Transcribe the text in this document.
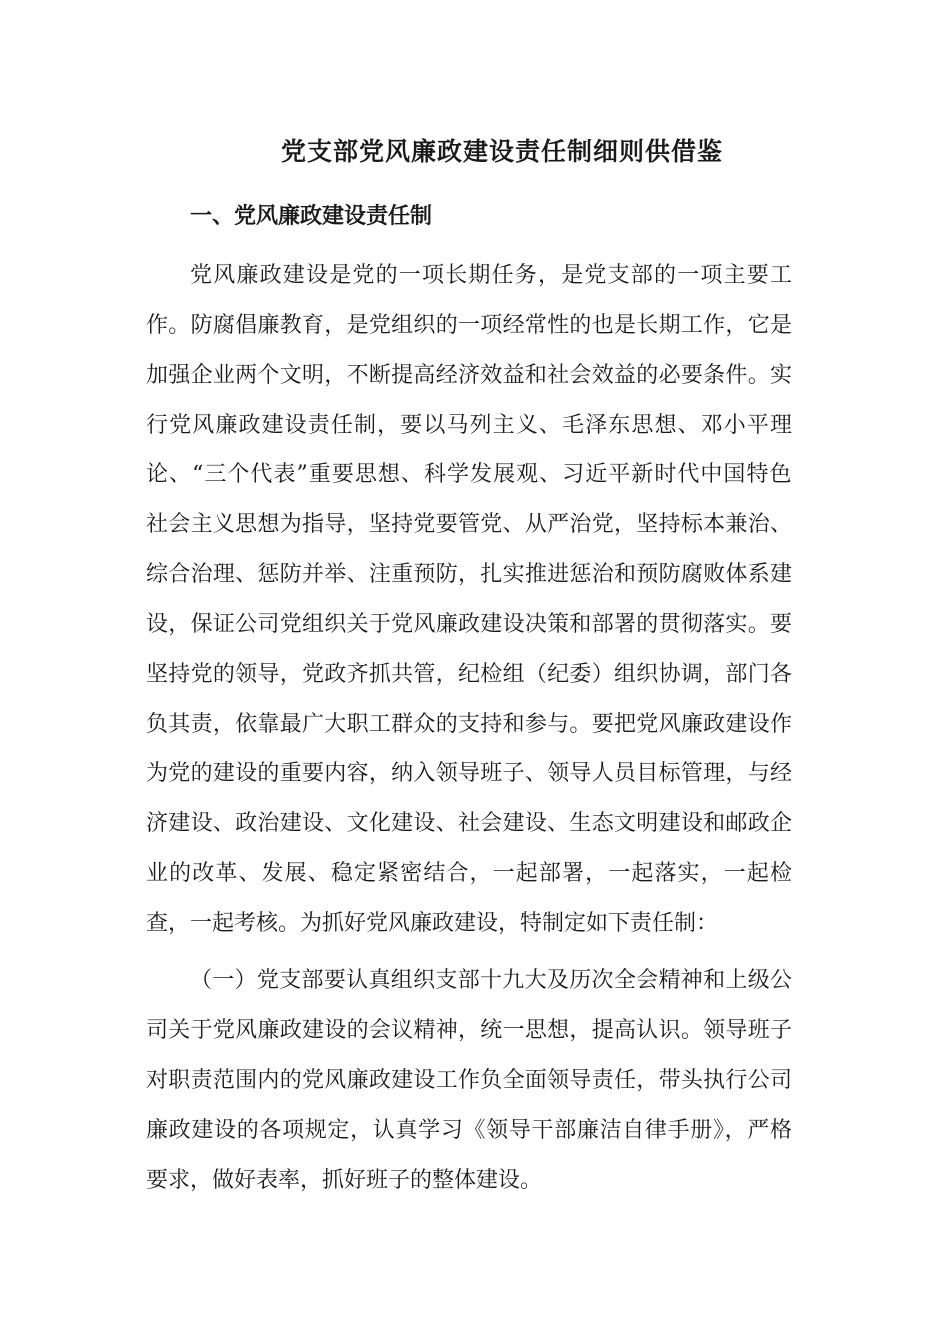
党支部党风廉政建设责任制细则供借鉴
一、党风廉政建设责任制

党风廉政建设是党的一项长期任务，是党支部的一项主要工

作。防腐倡廉教育，是党组织的一项经常性的也是长期工作，它是

加强企业两个文明，不断提高经济效益和社会效益的必要条件。实

行党风廉政建设责任制，要以马列主义、毛泽东思想、邓小平理

论、“三个代表”重要思想、科学发展观、习近平新时代中国特色

社会主义思想为指导，坚持党要管党、从严治党，坚持标本兼治、

综合治理、惩防并举、注重预防，扎实推进惩治和预防腐败体系建

设，保证公司党组织关于党风廉政建设决策和部署的贯彻落实。要

坚持党的领导，党政齐抓共管，纪检组（纪委）组织协调，部门各

负其责，依靠最广大职工群众的支持和参与。要把党风廉政建设作

为党的建设的重要内容，纳入领导班子、领导人员目标管理，与经

济建设、政治建设、文化建设、社会建设、生态文明建设和邮政企

业的改革、发展、稳定紧密结合，一起部署，一起落实，一起检

查，一起考核。为抓好党风廉政建设，特制定如下责任制：

（一）党支部要认真组织支部十九大及历次全会精神和上级公

司关于党风廉政建设的会议精神，统一思想，提高认识。领导班子

对职责范围内的党风廉政建设工作负全面领导责任，带头执行公司

廉政建设的各项规定，认真学习《领导干部廉洁自律手册》，严格

要求，做好表率，抓好班子的整体建设。
